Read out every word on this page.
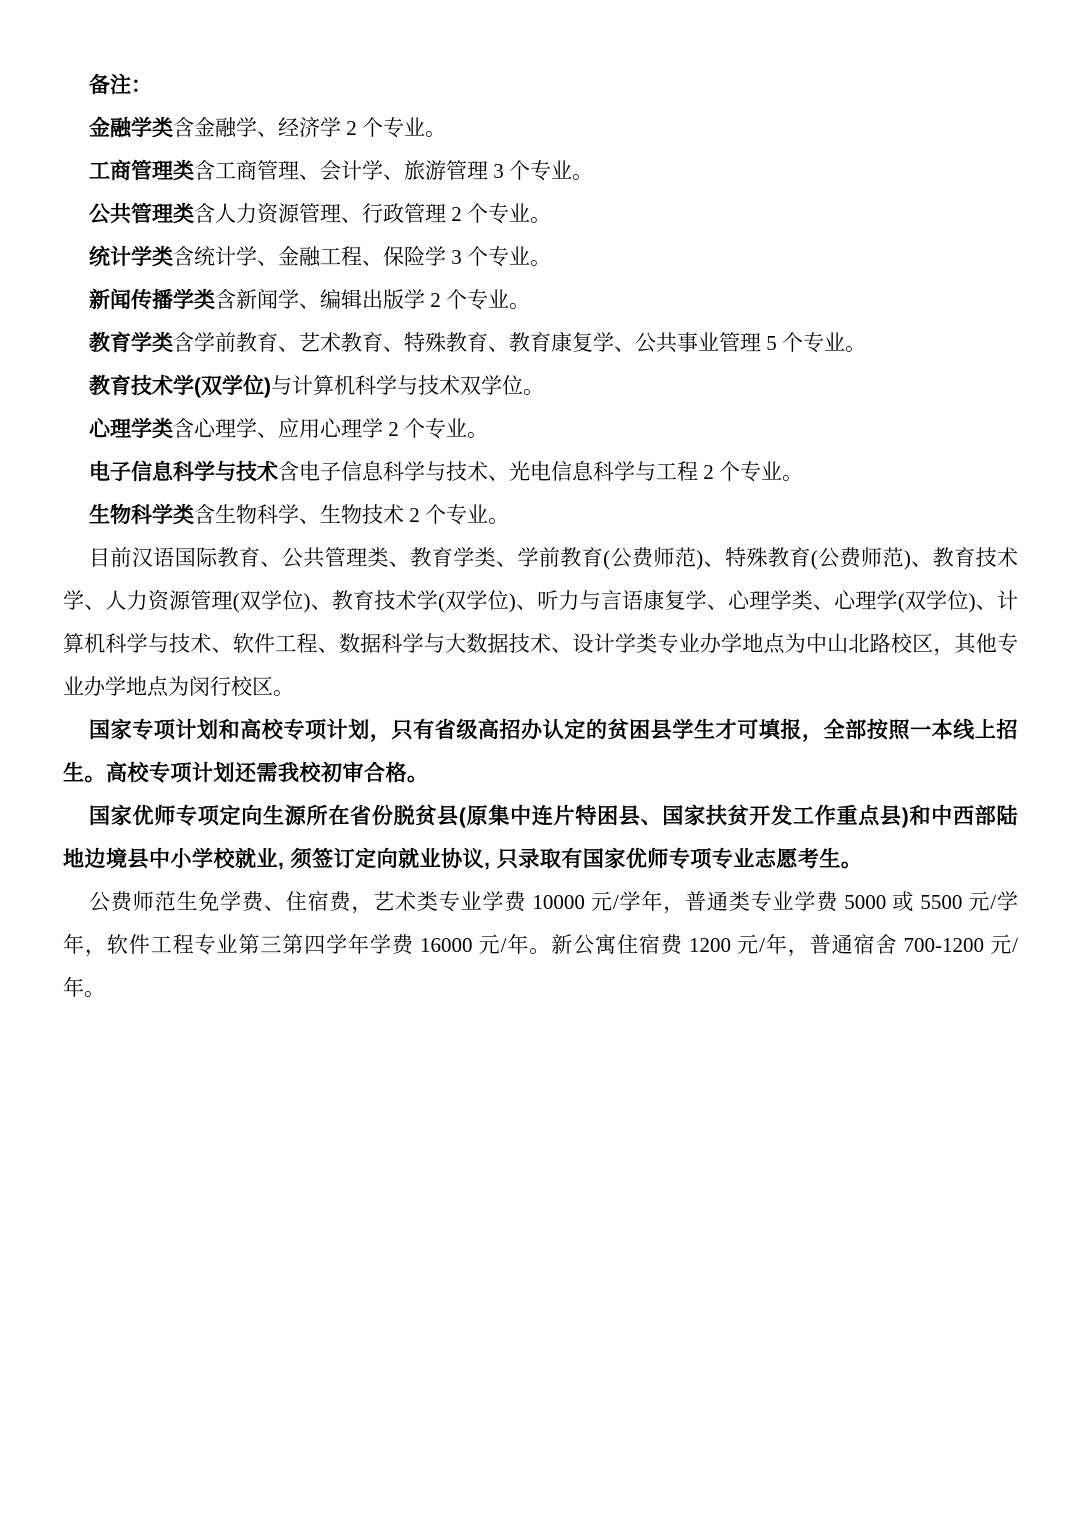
备注：

金融学类含金融学、经济学 2 个专业。

工商管理类含工商管理、会计学、旅游管理 3 个专业。

公共管理类含人力资源管理、行政管理 2 个专业。

统计学类含统计学、金融工程、保险学 3 个专业。

新闻传播学类含新闻学、编辑出版学 2 个专业。

教育学类含学前教育、艺术教育、特殊教育、教育康复学、公共事业管理 5 个专业。

教育技术学(双学位)与计算机科学与技术双学位。

心理学类含心理学、应用心理学 2 个专业。

电子信息科学与技术含电子信息科学与技术、光电信息科学与工程 2 个专业。

生物科学类含生物科学、生物技术 2 个专业。

目前汉语国际教育、公共管理类、教育学类、学前教育(公费师范)、特殊教育(公费师范)、教育技术学、人力资源管理(双学位)、教育技术学(双学位)、听力与言语康复学、心理学类、心理学(双学位)、计算机科学与技术、软件工程、数据科学与大数据技术、设计学类专业办学地点为中山北路校区，其他专业办学地点为闵行校区。

国家专项计划和高校专项计划，只有省级高招办认定的贫困县学生才可填报，全部按照一本线上招生。高校专项计划还需我校初审合格。

国家优师专项定向生源所在省份脱贫县(原集中连片特困县、国家扶贫开发工作重点县)和中西部陆地边境县中小学校就业, 须签订定向就业协议, 只录取有国家优师专项专业志愿考生。

公费师范生免学费、住宿费，艺术类专业学费 10000 元/学年，普通类专业学费 5000 或 5500 元/学年，软件工程专业第三第四学年学费 16000 元/年。新公寓住宿费 1200 元/年，普通宿舍 700-1200 元/年。
